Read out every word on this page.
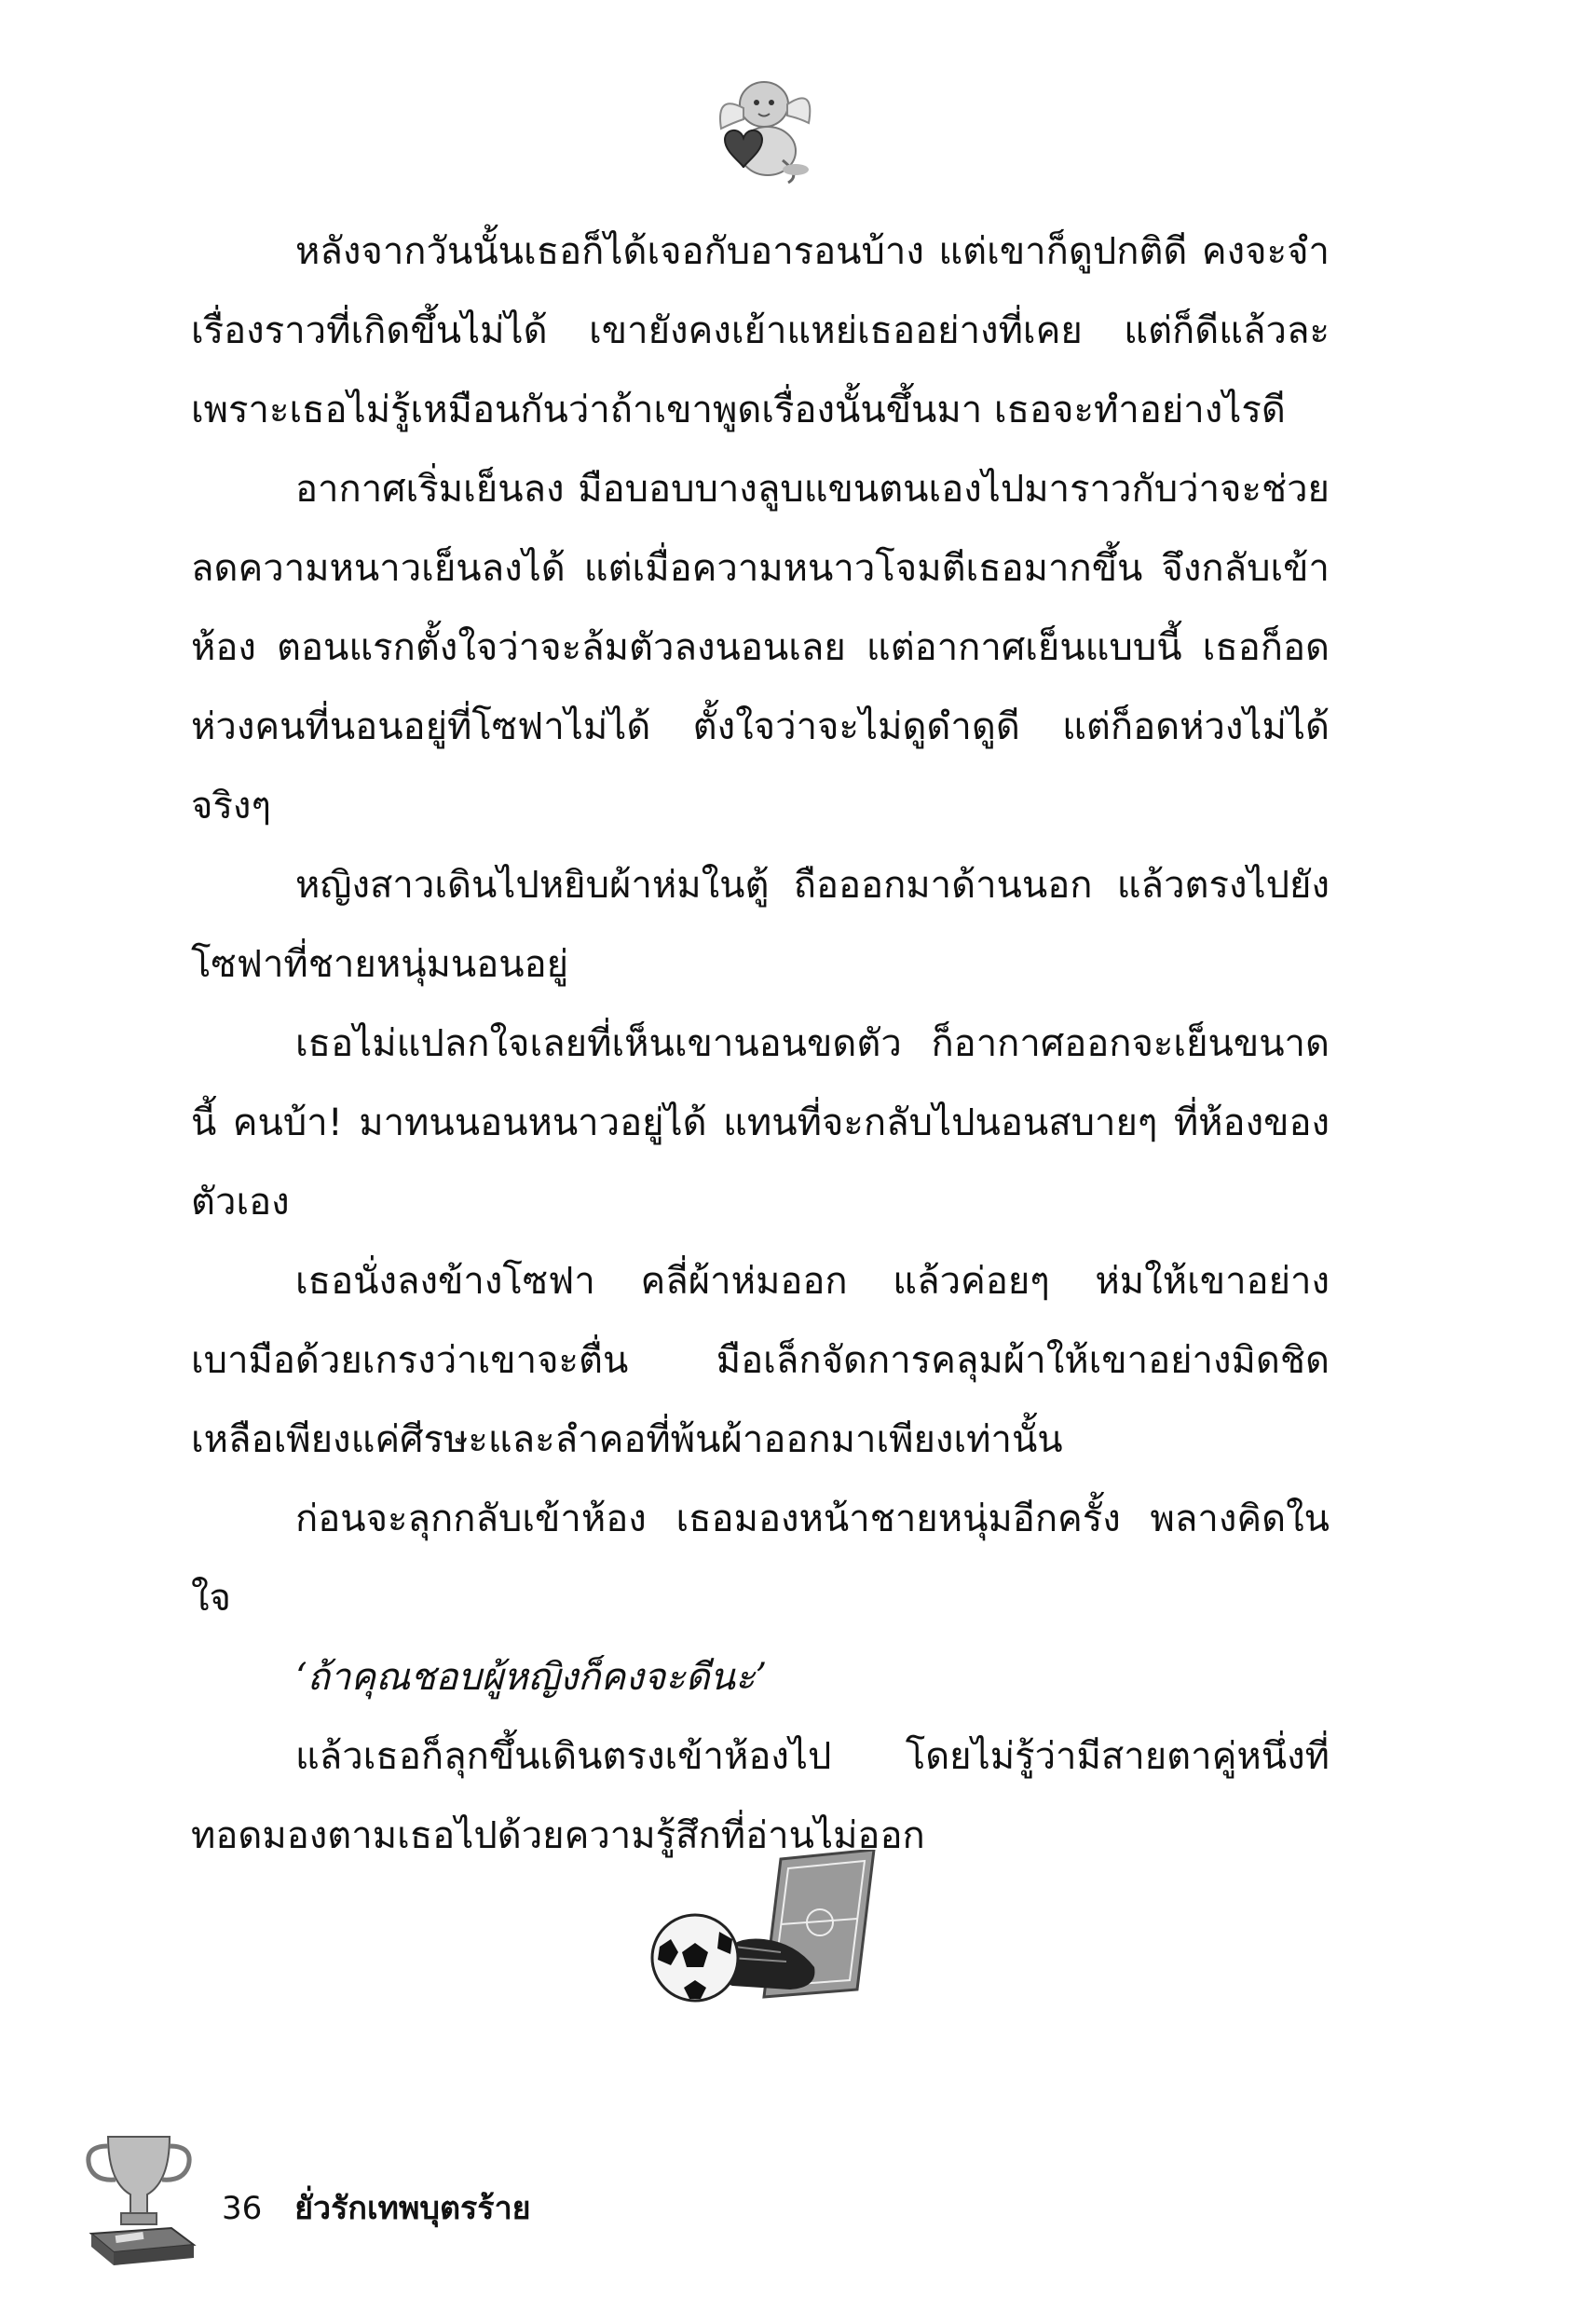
หลังจากวันนั้นเธอก็ได้เจอกับอารอนบ้าง แต่เขาก็ดูปกติดี คงจะจำเรื่องราวที่เกิดขึ้นไม่ได้ เขายังคงเย้าแหย่เธออย่างที่เคย แต่ก็ดีแล้วละเพราะเธอไม่รู้เหมือนกันว่าถ้าเขาพูดเรื่องนั้นขึ้นมา เธอจะทำอย่างไรดี

อากาศเริ่มเย็นลง มือบอบบางลูบแขนตนเองไปมาราวกับว่าจะช่วยลดความหนาวเย็นลงได้ แต่เมื่อความหนาวโจมตีเธอมากขึ้น จึงกลับเข้าห้อง ตอนแรกตั้งใจว่าจะล้มตัวลงนอนเลย แต่อากาศเย็นแบบนี้ เธอก็อดห่วงคนที่นอนอยู่ที่โซฟาไม่ได้ ตั้งใจว่าจะไม่ดูดำดูดี แต่ก็อดห่วงไม่ได้จริงๆ

หญิงสาวเดินไปหยิบผ้าห่มในตู้ ถือออกมาด้านนอก แล้วตรงไปยังโซฟาที่ชายหนุ่มนอนอยู่

เธอไม่แปลกใจเลยที่เห็นเขานอนขดตัว ก็อากาศออกจะเย็นขนาดนี้ คนบ้า! มาทนนอนหนาวอยู่ได้ แทนที่จะกลับไปนอนสบายๆ ที่ห้องของตัวเอง

เธอนั่งลงข้างโซฟา คลี่ผ้าห่มออก แล้วค่อยๆ ห่มให้เขาอย่างเบามือด้วยเกรงว่าเขาจะตื่น มือเล็กจัดการคลุมผ้าให้เขาอย่างมิดชิด เหลือเพียงแค่ศีรษะและลำคอที่พ้นผ้าออกมาเพียงเท่านั้น

ก่อนจะลุกกลับเข้าห้อง เธอมองหน้าชายหนุ่มอีกครั้ง พลางคิดในใจ

‘ถ้าคุณชอบผู้หญิงก็คงจะดีนะ’

แล้วเธอก็ลุกขึ้นเดินตรงเข้าห้องไป โดยไม่รู้ว่ามีสายตาคู่หนึ่งที่ทอดมองตามเธอไปด้วยความรู้สึกที่อ่านไม่ออก

36 ยั่วรักเทพบุตรร้าย
